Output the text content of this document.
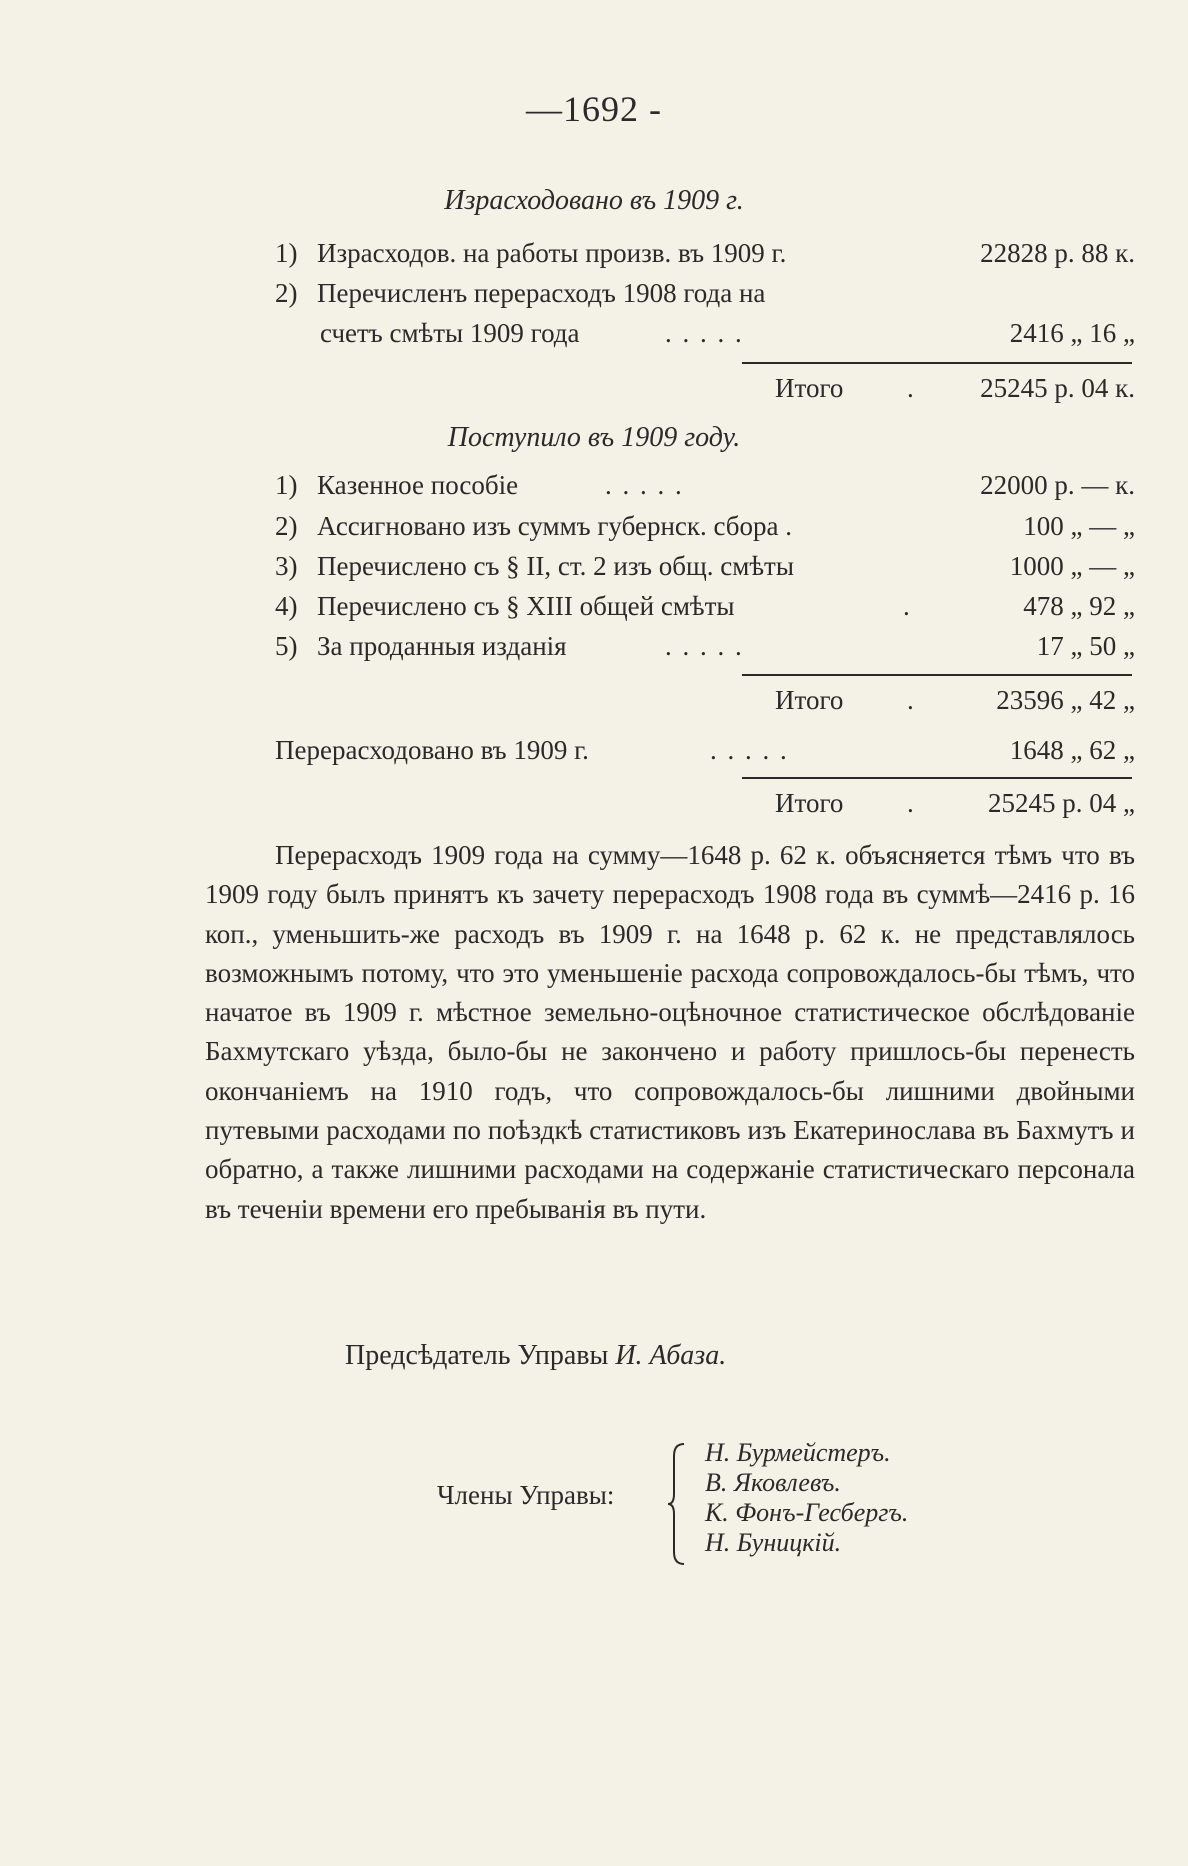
—1692 -
Израсходовано въ 1909 г.
1) Израсходов. на работы произв. въ 1909 г.	22828 р. 88 к.
2) Перечисленъ перерасходъ 1908 года на
счетъ смѣты 1909 года	. . . . .	2416 „ 16 „
Итого . 25245 р. 04 к.
Поступило въ 1909 году.
1) Казенное пособіе	. . . . .	22000 р. — к.
2) Ассигновано изъ суммъ губернск. сбора .	100 „ — „
3) Перечислено съ § II, ст. 2 изъ общ. смѣты	1000 „ — „
4) Перечислено съ § XIII общей смѣты	.	478 „ 92 „
5) За проданныя изданія	. . . . .	17 „ 50 „
Итого .	23596 „ 42 „
Перерасходовано въ 1909 г.	. . . . .	1648 „ 62 „
Итого .	25245 р. 04 „

Перерасходъ 1909 года на сумму—1648 р. 62 к. объясняется тѣмъ что въ 1909 году былъ принятъ къ зачету перерасходъ 1908 года въ суммѣ—2416 р. 16 коп., уменьшить-же расходъ въ 1909 г. на 1648 р. 62 к. не представлялось возможнымъ потому, что это уменьшеніе расхода сопровождалось-бы тѣмъ, что начатое въ 1909 г. мѣстное земельно-оцѣночное статистическое обслѣдованіе Бахмутскаго уѣзда, было-бы не закончено и работу пришлось-бы перенесть окончаніемъ на 1910 годъ, что сопровождалось-бы лишними двойными путевыми расходами по поѣздкѣ статистиковъ изъ Екатеринослава въ Бахмутъ и обратно, а также лишними расходами на содержаніе статистическаго персонала въ теченіи времени его пребыванія въ пути.

Предсѣдатель Управы И. Абаза.
Члены Управы:
Н. Бурмейстеръ.
В. Яковлевъ.
К. Фонъ-Гесбергъ.
Н. Буницкій.
